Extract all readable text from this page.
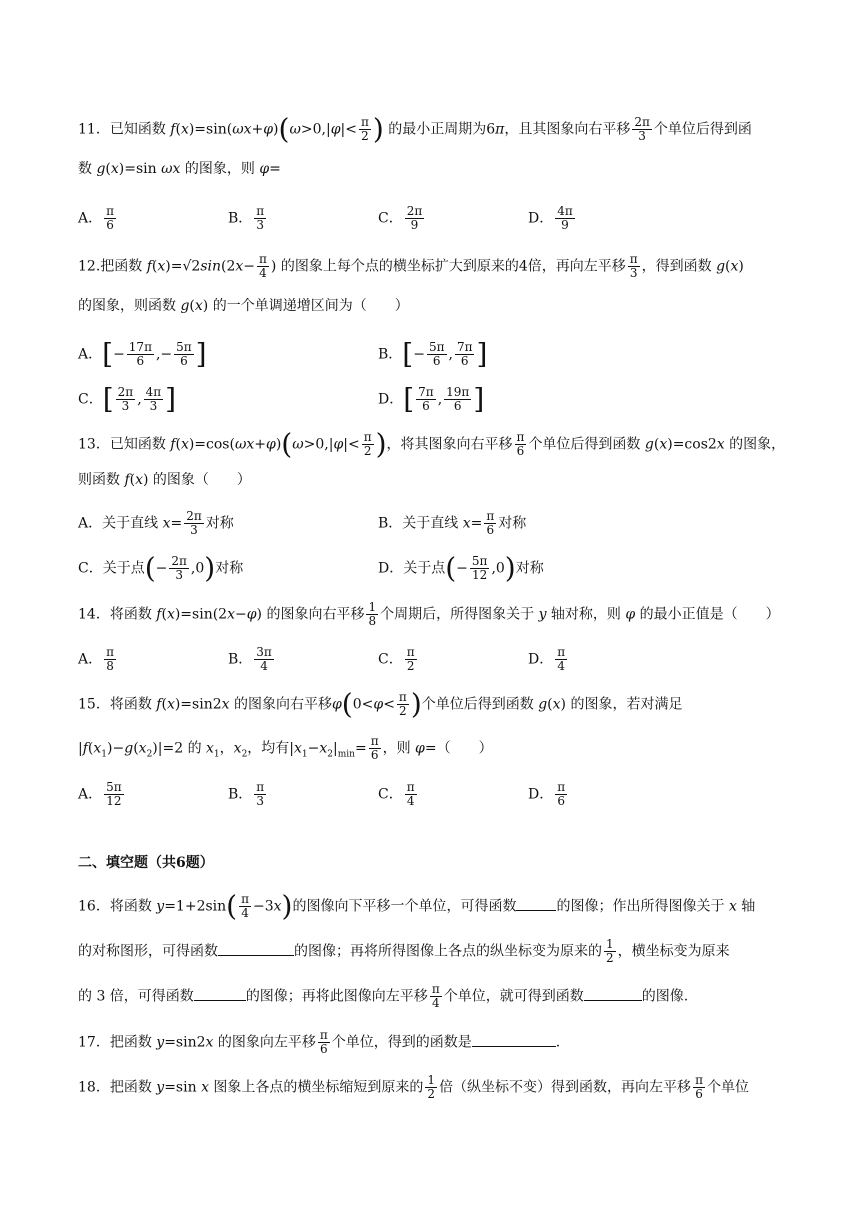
11．已知函数 $f(x)=\sin(\omega x+\varphi)(\omega>0,|\varphi|< \frac{\pi}{2}$ ) 的最小正周期为6π，且其图象向右平移 $\frac{2\pi}{3}$ 个单位后得到函
数 g(x)=sin ωx 的图象，则 φ=
A． $\frac{\pi}{6}$	B． $\frac{\pi}{3}$	C． $\frac{2\pi}{9}$	D． $\frac{4\pi}{9}$
12.把函数 $f(x)=√2\sin(2x- \frac{\pi}{4}$ ) 的图象上每个点的横坐标扩大到原来的4倍，再向左平移 $\frac{\pi}{3}$ ，得到函数 g(x)
的图象，则函数 g(x) 的一个单调递增区间为（　　）
A．[− $\frac{17\pi}{6}$ ,− $\frac{5\pi}{6}$ ]	B．[− $\frac{5\pi}{6}$ , $\frac{7\pi}{6}$ ]
C．[ $\frac{2\pi}{3}$ , $\frac{4\pi}{3}$ ]	D．[ $\frac{7\pi}{6}$ , $\frac{19\pi}{6}$ ]
13．已知函数 $f(x)=\cos(\omega x+\varphi)(\omega>0,|\varphi|< \frac{\pi}{2}$ )，将其图象向右平移 $\frac{\pi}{6}$ 个单位后得到函数 g(x)=cos2x 的图象，
则函数 f(x) 的图象（　　）
A．关于直线 $x= \frac{2\pi}{3}$ 对称	B．关于直线 $x= \frac{\pi}{6}$ 对称
C．关于点(− $\frac{2\pi}{3} ,0$)对称	D．关于点(− $\frac{5\pi}{12} ,0$)对称
14．将函数 f(x)=sin(2x−φ) 的图象向右平移 $\frac{1}{8}$ 个周期后，所得图象关于 y 轴对称，则 φ 的最小正值是（　　）
A． $\frac{\pi}{8}$	B． $\frac{3\pi}{4}$	C． $\frac{\pi}{2}$	D． $\frac{\pi}{4}$
15．将函数 f(x)=sin2x 的图象向右平移$\varphi(0<\varphi< \frac{\pi}{2}$ )个单位后得到函数 g(x) 的图象，若对满足
$|f(x_1)-g(x_2)|=2$ 的 $x_1$，$x_2$，均有$|x_1-x_2|_{min}= \frac{\pi}{6}$ ，则 φ=（　　）
A． $\frac{5\pi}{12}$	B． $\frac{\pi}{3}$	C． $\frac{\pi}{4}$	D． $\frac{\pi}{6}$
二、填空题（共6题）
16．将函数 $y=1+2\sin( \frac{\pi}{4} -3x)$的图像向下平移一个单位，可得函数	的图像；作出所得图像关于 x 轴
的对称图形，可得函数	的图像；再将所得图像上各点的纵坐标变为原来的 $\frac{1}{2}$ ，横坐标变为原来
的 3 倍，可得函数	的图像；再将此图像向左平移 $\frac{\pi}{4}$ 个单位，就可得到函数	的图像.
17．把函数 y=sin2x 的图象向左平移 $\frac{\pi}{6}$ 个单位，得到的函数是	.
18．把函数 y=sin x 图象上各点的横坐标缩短到原来的 $\frac{1}{2}$ 倍（纵坐标不变）得到函数，再向左平移 $\frac{\pi}{6}$ 个单位
